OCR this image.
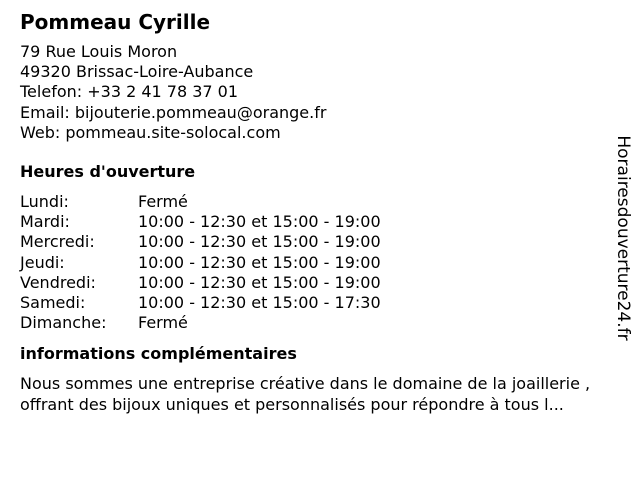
Pommeau Cyrille
79 Rue Louis Moron
49320 Brissac-Loire-Aubance
Telefon: +33 2 41 78 37 01
Email: bijouterie.pommeau@orange.fr
Web: pommeau.site-solocal.com
Heures d'ouverture
Lundi:	Fermé
Mardi:	10:00 - 12:30 et 15:00 - 19:00
Mercredi:	10:00 - 12:30 et 15:00 - 19:00
Jeudi:	10:00 - 12:30 et 15:00 - 19:00
Vendredi:	10:00 - 12:30 et 15:00 - 19:00
Samedi:	10:00 - 12:30 et 15:00 - 17:30
Dimanche:	Fermé
informations complémentaires
Nous sommes une entreprise créative dans le domaine de la joaillerie , offrant des bijoux uniques et personnalisés pour répondre à tous l...
Horairesdouverture24.fr
